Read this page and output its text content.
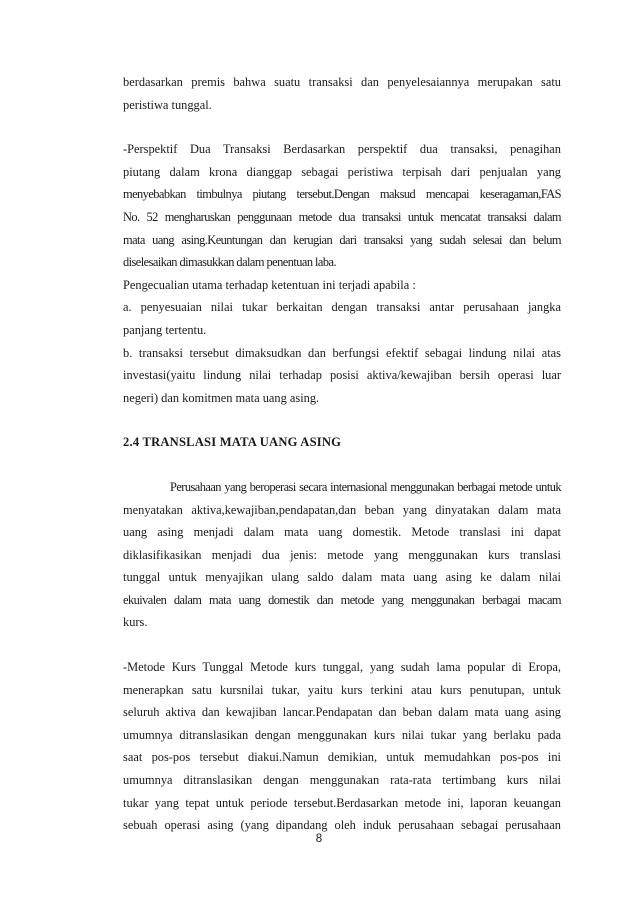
berdasarkan premis bahwa suatu transaksi dan penyelesaiannya merupakan satu
peristiwa tunggal.
-Perspektif Dua Transaksi Berdasarkan perspektif dua transaksi, penagihan
piutang dalam krona dianggap sebagai peristiwa terpisah dari penjualan yang
menyebabkan timbulnya piutang tersebut.Dengan maksud mencapai keseragaman,FAS
No. 52 mengharuskan penggunaan metode dua transaksi untuk mencatat transaksi dalam
mata uang asing.Keuntungan dan kerugian dari transaksi yang sudah selesai dan belum
diselesaikan dimasukkan dalam penentuan laba.
Pengecualian utama terhadap ketentuan ini terjadi apabila :
a. penyesuaian nilai tukar berkaitan dengan transaksi antar perusahaan jangka
panjang tertentu.
b. transaksi tersebut dimaksudkan dan berfungsi efektif sebagai lindung nilai atas
investasi(yaitu lindung nilai terhadap posisi aktiva/kewajiban bersih operasi luar
negeri) dan komitmen mata uang asing.
2.4 TRANSLASI MATA UANG ASING
Perusahaan yang beroperasi secara internasional menggunakan berbagai metode untuk
menyatakan aktiva,kewajiban,pendapatan,dan beban yang dinyatakan dalam mata
uang asing menjadi dalam mata uang domestik. Metode translasi ini dapat
diklasifikasikan menjadi dua jenis: metode yang menggunakan kurs translasi
tunggal untuk menyajikan ulang saldo dalam mata uang asing ke dalam nilai
ekuivalen dalam mata uang domestik dan metode yang menggunakan berbagai macam
kurs.
-Metode Kurs Tunggal Metode kurs tunggal, yang sudah lama popular di Eropa,
menerapkan satu kursnilai tukar, yaitu kurs terkini atau kurs penutupan, untuk
seluruh aktiva dan kewajiban lancar.Pendapatan dan beban dalam mata uang asing
umumnya ditranslasikan dengan menggunakan kurs nilai tukar yang berlaku pada
saat pos-pos tersebut diakui.Namun demikian, untuk memudahkan pos-pos ini
umumnya ditranslasikan dengan menggunakan rata-rata tertimbang kurs nilai
tukar yang tepat untuk periode tersebut.Berdasarkan metode ini, laporan keuangan
sebuah operasi asing (yang dipandang oleh induk perusahaan sebagai perusahaan
8
